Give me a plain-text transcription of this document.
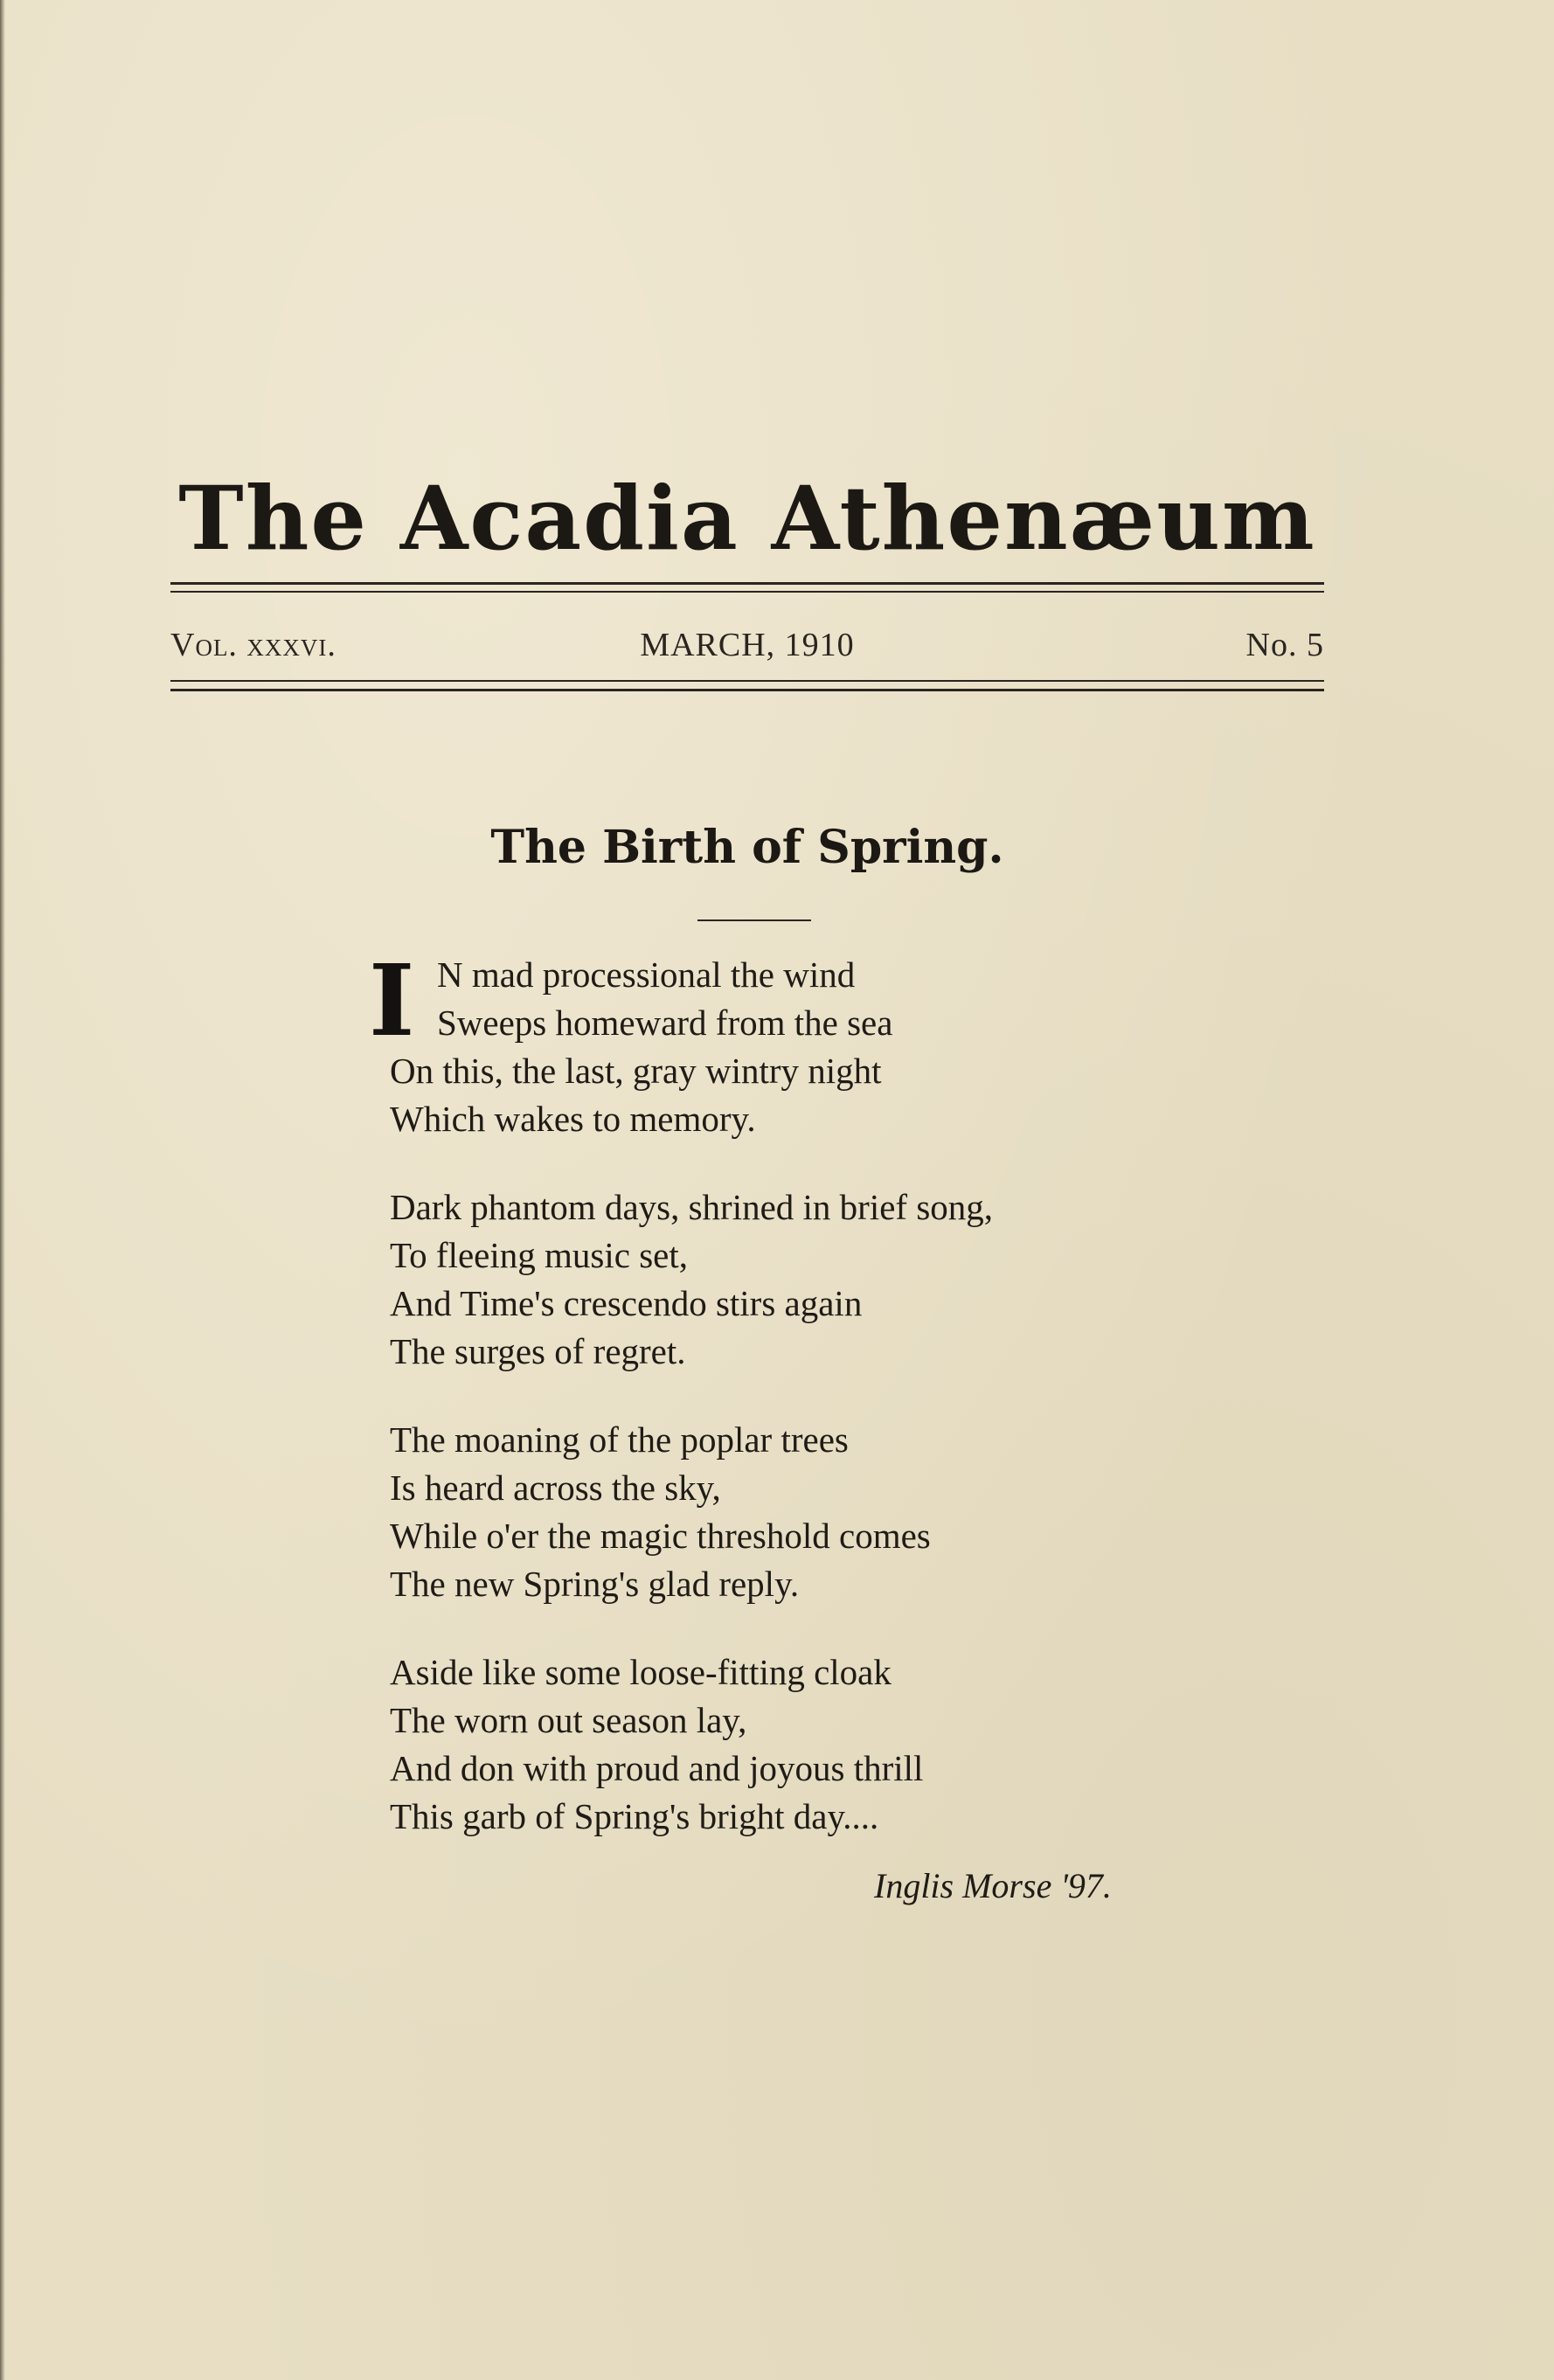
The Acadia Athenæum
Vol. xxxvi.	MARCH, 1910	No. 5
The Birth of Spring.
I N mad processional the wind
Sweeps homeward from the sea
On this, the last, gray wintry night
Which wakes to memory.
Dark phantom days, shrined in brief song,
To fleeing music set,
And Time's crescendo stirs again
The surges of regret.
The moaning of the poplar trees
Is heard across the sky,
While o'er the magic threshold comes
The new Spring's glad reply.
Aside like some loose-fitting cloak
The worn out season lay,
And don with proud and joyous thrill
This garb of Spring's bright day....
Inglis Morse '97.
